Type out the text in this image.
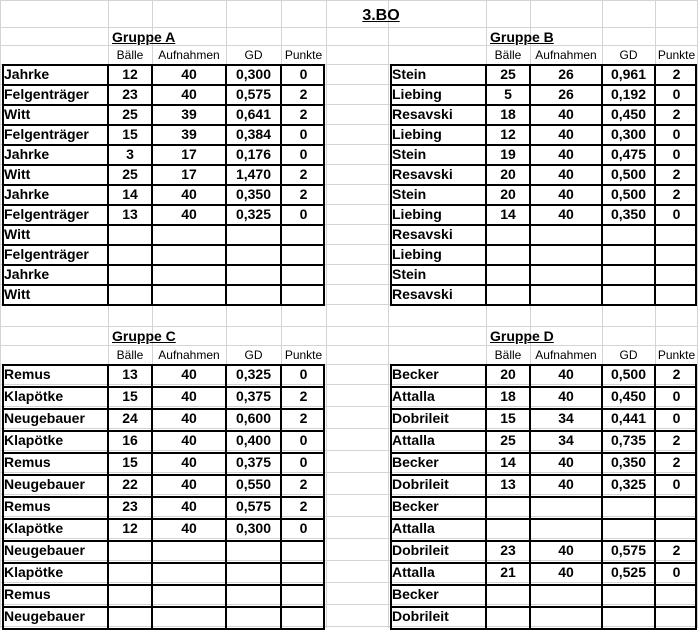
3.BO
Gruppe A
Bälle	Aufnahmen	GD	Punkte
Jahrke	12	40	0,300	0
Felgenträger	23	40	0,575	2
Witt	25	39	0,641	2
Felgenträger	15	39	0,384	0
Jahrke	3	17	0,176	0
Witt	25	17	1,470	2
Jahrke	14	40	0,350	2
Felgenträger	13	40	0,325	0
Witt
Felgenträger
Jahrke
Witt
Gruppe B
Bälle	Aufnahmen	GD	Punkte
Stein	25	26	0,961	2
Liebing	5	26	0,192	0
Resavski	18	40	0,450	2
Liebing	12	40	0,300	0
Stein	19	40	0,475	0
Resavski	20	40	0,500	2
Stein	20	40	0,500	2
Liebing	14	40	0,350	0
Resavski
Liebing
Stein
Resavski
Gruppe C
Bälle	Aufnahmen	GD	Punkte
Remus	13	40	0,325	0
Klapötke	15	40	0,375	2
Neugebauer	24	40	0,600	2
Klapötke	16	40	0,400	0
Remus	15	40	0,375	0
Neugebauer	22	40	0,550	2
Remus	23	40	0,575	2
Klapötke	12	40	0,300	0
Neugebauer
Klapötke
Remus
Neugebauer
Gruppe D
Bälle	Aufnahmen	GD	Punkte
Becker	20	40	0,500	2
Attalla	18	40	0,450	0
Dobrileit	15	34	0,441	0
Attalla	25	34	0,735	2
Becker	14	40	0,350	2
Dobrileit	13	40	0,325	0
Becker
Attalla
Dobrileit	23	40	0,575	2
Attalla	21	40	0,525	0
Becker
Dobrileit
